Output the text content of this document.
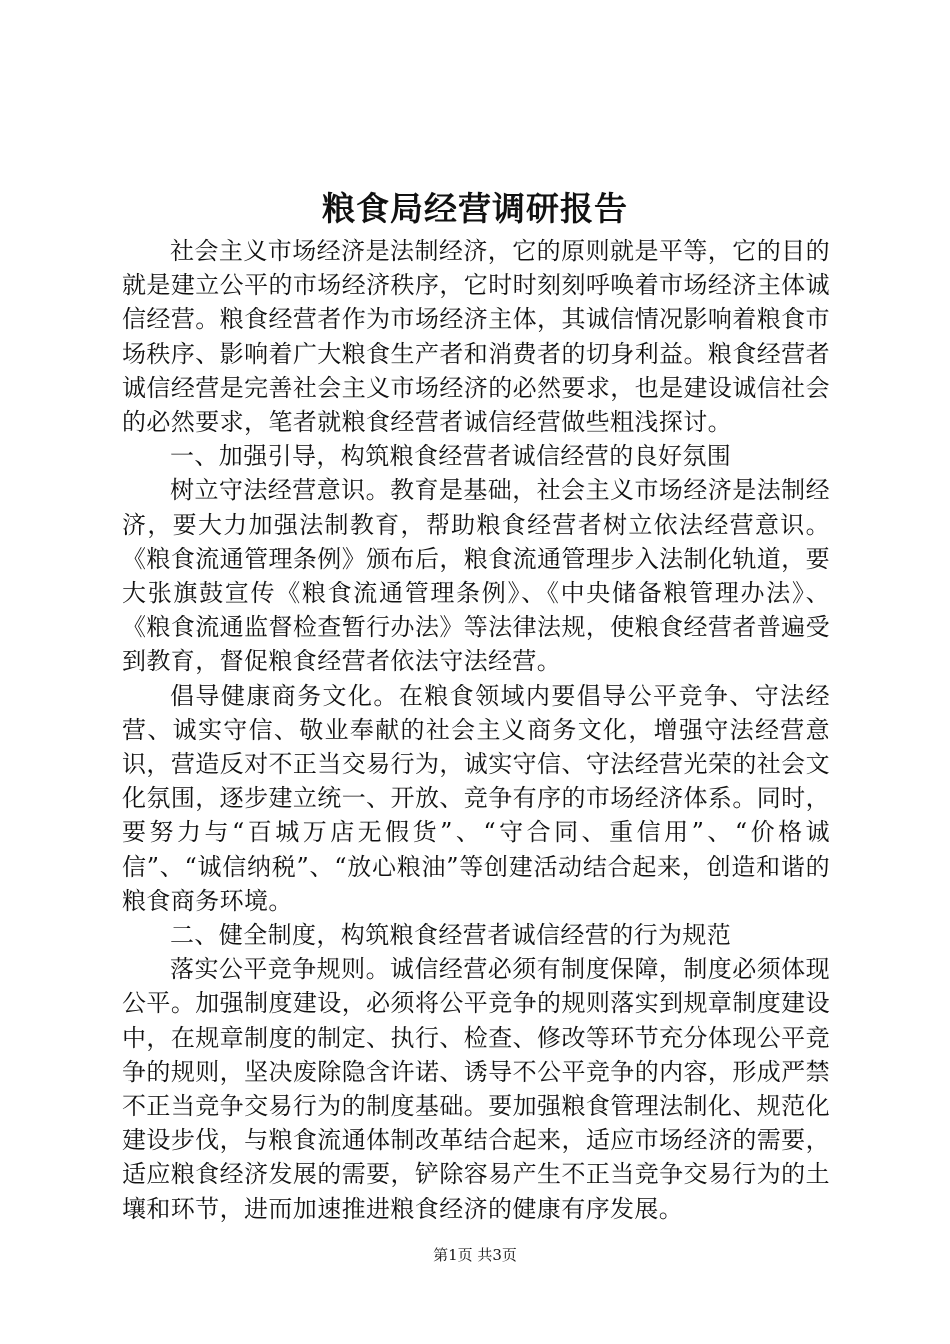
粮食局经营调研报告

社会主义市场经济是法制经济，它的原则就是平等，它的目的就是建立公平的市场经济秩序，它时时刻刻呼唤着市场经济主体诚信经营。粮食经营者作为市场经济主体，其诚信情况影响着粮食市场秩序、影响着广大粮食生产者和消费者的切身利益。粮食经营者诚信经营是完善社会主义市场经济的必然要求，也是建设诚信社会的必然要求，笔者就粮食经营者诚信经营做些粗浅探讨。

一、加强引导，构筑粮食经营者诚信经营的良好氛围

树立守法经营意识。教育是基础，社会主义市场经济是法制经济，要大力加强法制教育，帮助粮食经营者树立依法经营意识。《粮食流通管理条例》颁布后，粮食流通管理步入法制化轨道，要大张旗鼓宣传《粮食流通管理条例》、《中央储备粮管理办法》、《粮食流通监督检查暂行办法》等法律法规，使粮食经营者普遍受到教育，督促粮食经营者依法守法经营。

倡导健康商务文化。在粮食领域内要倡导公平竞争、守法经营、诚实守信、敬业奉献的社会主义商务文化，增强守法经营意识，营造反对不正当交易行为，诚实守信、守法经营光荣的社会文化氛围，逐步建立统一、开放、竞争有序的市场经济体系。同时，要努力与“百城万店无假货”、“守合同、重信用”、“价格诚信”、“诚信纳税”、“放心粮油”等创建活动结合起来，创造和谐的粮食商务环境。

二、健全制度，构筑粮食经营者诚信经营的行为规范

落实公平竞争规则。诚信经营必须有制度保障，制度必须体现公平。加强制度建设，必须将公平竞争的规则落实到规章制度建设中，在规章制度的制定、执行、检查、修改等环节充分体现公平竞争的规则，坚决废除隐含许诺、诱导不公平竞争的内容，形成严禁不正当竞争交易行为的制度基础。要加强粮食管理法制化、规范化建设步伐，与粮食流通体制改革结合起来，适应市场经济的需要，适应粮食经济发展的需要，铲除容易产生不正当竞争交易行为的土壤和环节，进而加速推进粮食经济的健康有序发展。

第1页 共3页
